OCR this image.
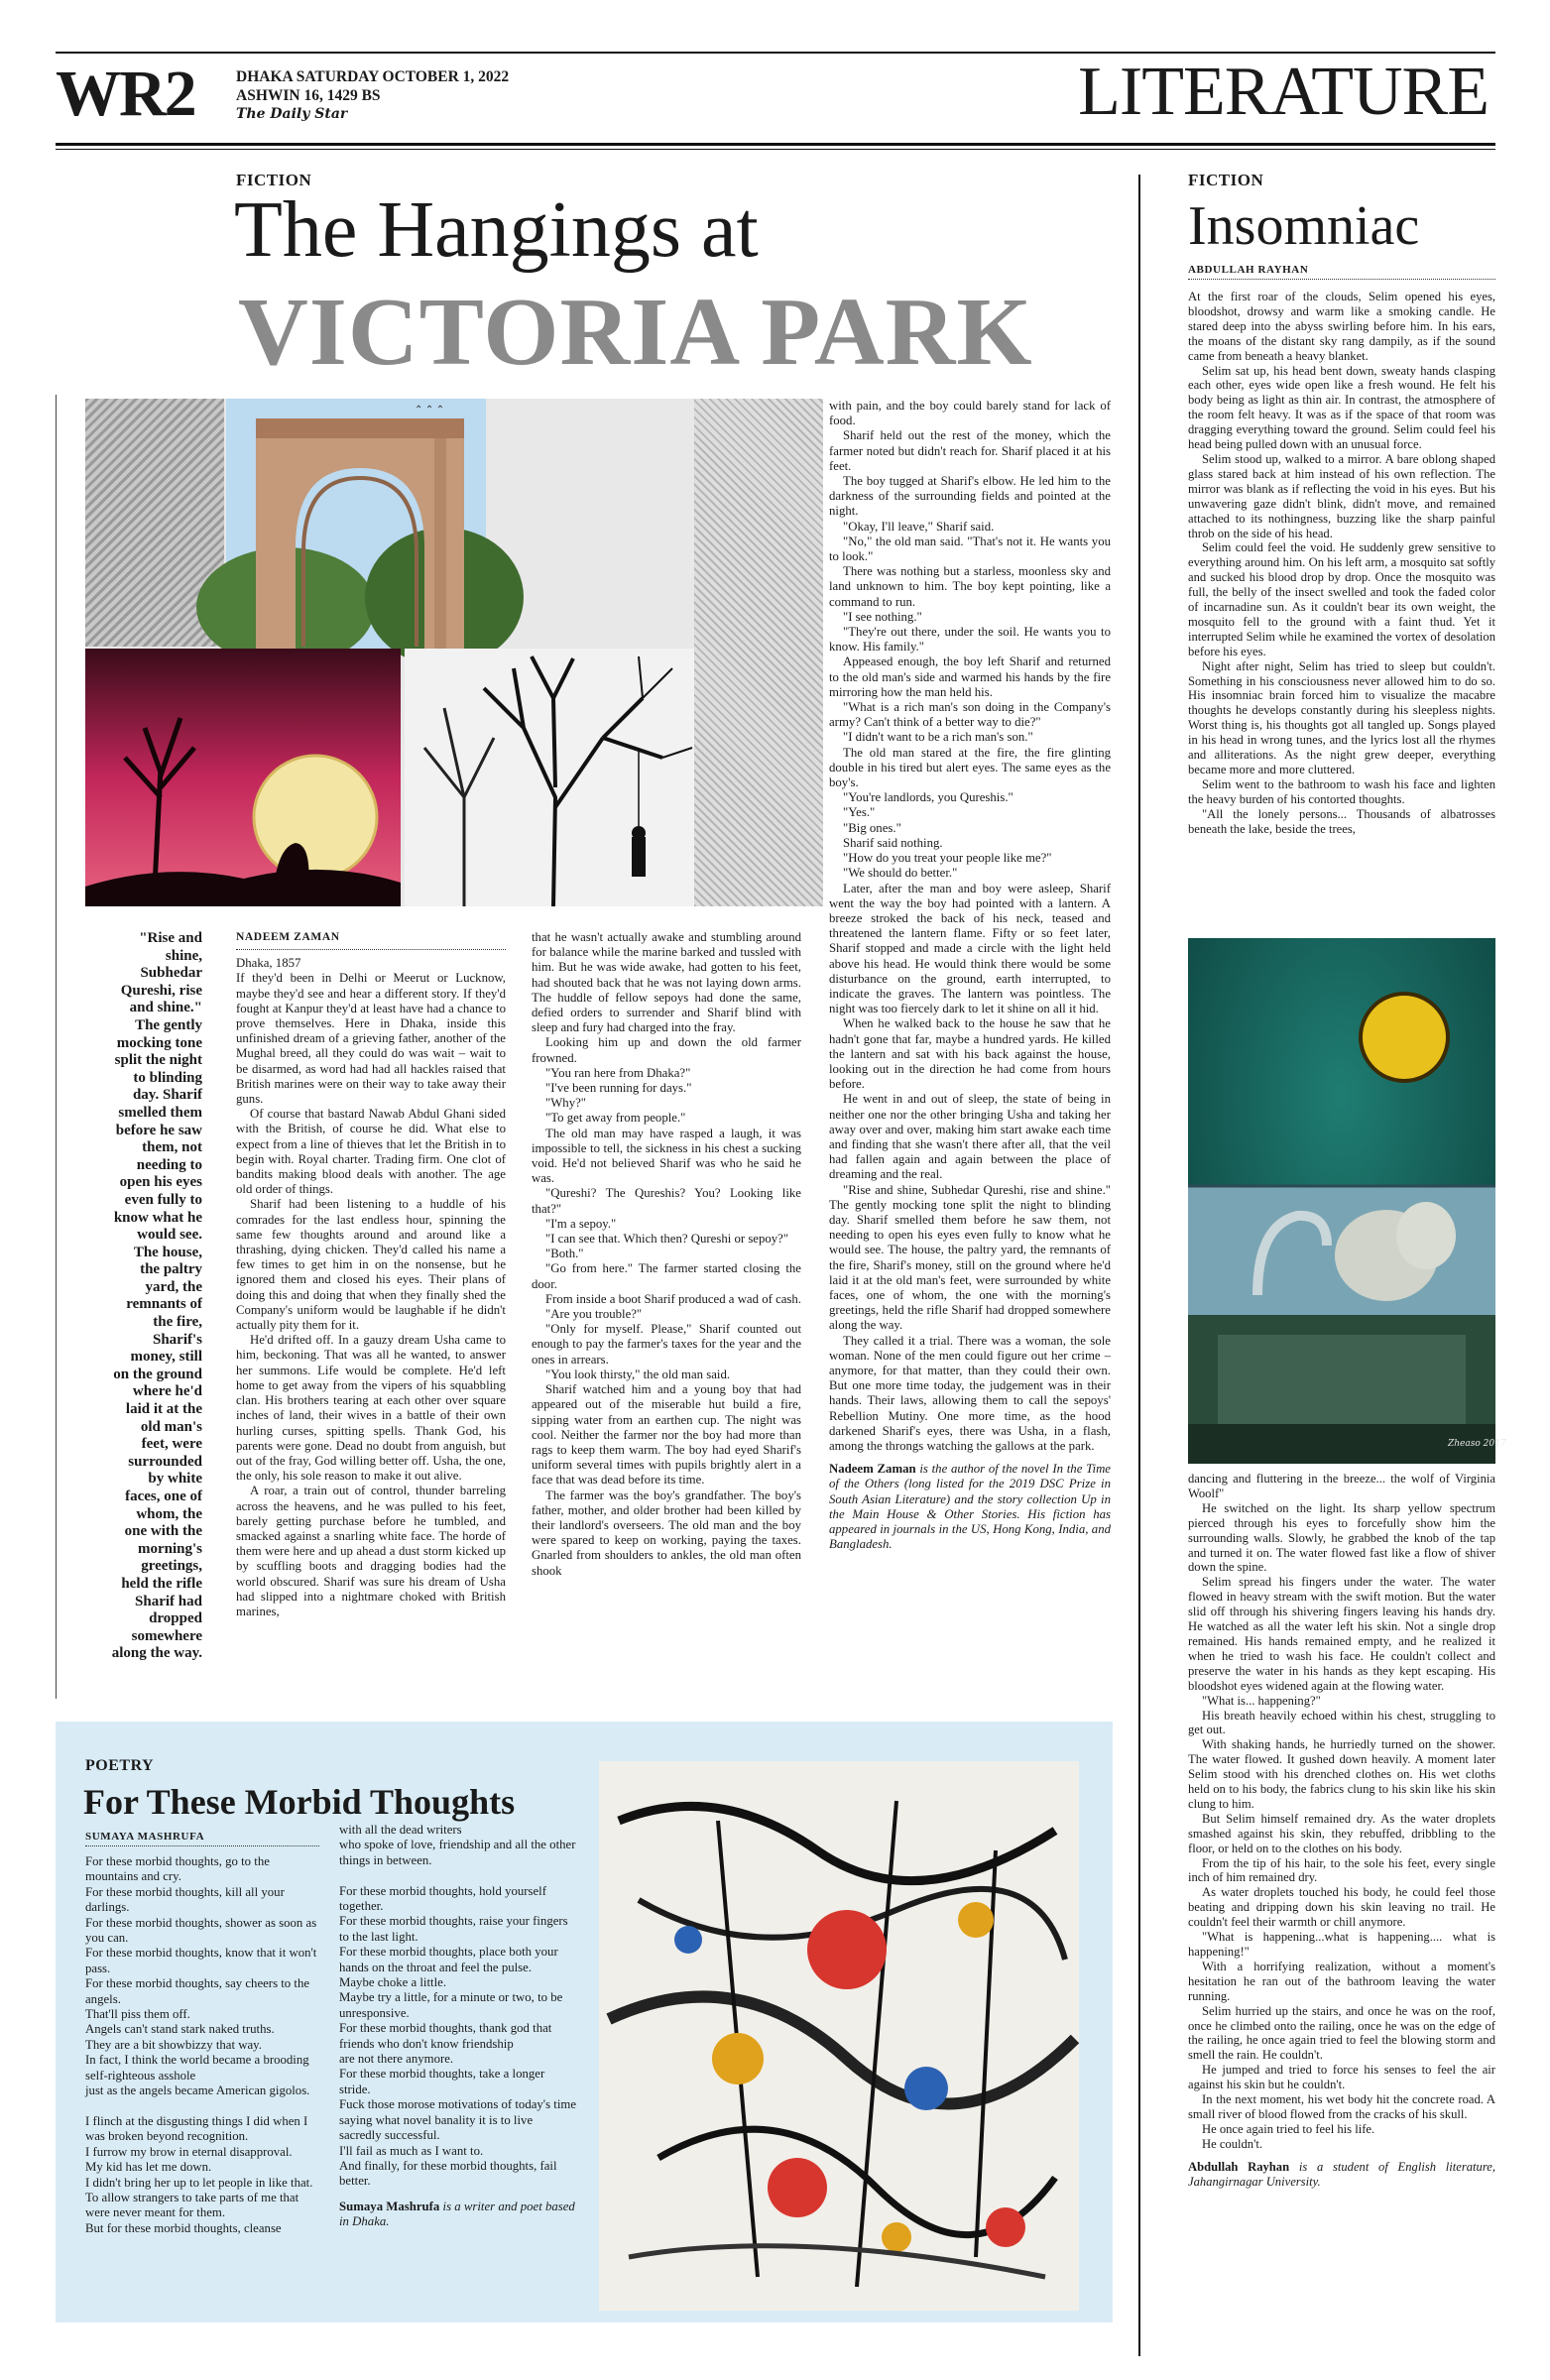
WR2	DHAKA SATURDAY OCTOBER 1, 2022
ASHWIN 16, 1429 BS
The Daily Star	LITERATURE
FICTION
The Hangings at
VICTORIA PARK
⌃ ⌃ ⌃
"Rise and shine, Subhedar Qureshi, rise and shine." The gently mocking tone split the night to blinding day. Sharif smelled them before he saw them, not needing to open his eyes even fully to know what he would see. The house, the paltry yard, the remnants of the fire, Sharif's money, still on the ground where he'd laid it at the old man's feet, were surrounded by white faces, one of whom, the one with the morning's greetings, held the rifle Sharif had dropped somewhere along the way.
NADEEM ZAMAN

Dhaka, 1857

If they'd been in Delhi or Meerut or Lucknow, maybe they'd see and hear a different story. If they'd fought at Kanpur they'd at least have had a chance to prove themselves. Here in Dhaka, inside this unfinished dream of a grieving father, another of the Mughal breed, all they could do was wait – wait to be disarmed, as word had had all hackles raised that British marines were on their way to take away their guns.

Of course that bastard Nawab Abdul Ghani sided with the British, of course he did. What else to expect from a line of thieves that let the British in to begin with. Royal charter. Trading firm. One clot of bandits making blood deals with another. The age old order of things.

Sharif had been listening to a huddle of his comrades for the last endless hour, spinning the same few thoughts around and around like a thrashing, dying chicken. They'd called his name a few times to get him in on the nonsense, but he ignored them and closed his eyes. Their plans of doing this and doing that when they finally shed the Company's uniform would be laughable if he didn't actually pity them for it.

He'd drifted off. In a gauzy dream Usha came to him, beckoning. That was all he wanted, to answer her summons. Life would be complete. He'd left home to get away from the vipers of his squabbling clan. His brothers tearing at each other over square inches of land, their wives in a battle of their own hurling curses, spitting spells. Thank God, his parents were gone. Dead no doubt from anguish, but out of the fray, God willing better off. Usha, the one, the only, his sole reason to make it out alive.

A roar, a train out of control, thunder barreling across the heavens, and he was pulled to his feet, barely getting purchase before he tumbled, and smacked against a snarling white face. The horde of them were here and up ahead a dust storm kicked up by scuffling boots and dragging bodies had the world obscured. Sharif was sure his dream of Usha had slipped into a nightmare choked with British marines,

that he wasn't actually awake and stumbling around for balance while the marine barked and tussled with him. But he was wide awake, had gotten to his feet, had shouted back that he was not laying down arms. The huddle of fellow sepoys had done the same, defied orders to surrender and Sharif blind with sleep and fury had charged into the fray.

Looking him up and down the old farmer frowned.

"You ran here from Dhaka?"

"I've been running for days."

"Why?"

"To get away from people."

The old man may have rasped a laugh, it was impossible to tell, the sickness in his chest a sucking void. He'd not believed Sharif was who he said he was.

"Qureshi? The Qureshis? You? Looking like that?"

"I'm a sepoy."

"I can see that. Which then? Qureshi or sepoy?"

"Both."

"Go from here." The farmer started closing the door.

From inside a boot Sharif produced a wad of cash.

"Are you trouble?"

"Only for myself. Please," Sharif counted out enough to pay the farmer's taxes for the year and the ones in arrears.

"You look thirsty," the old man said.

Sharif watched him and a young boy that had appeared out of the miserable hut build a fire, sipping water from an earthen cup. The night was cool. Neither the farmer nor the boy had more than rags to keep them warm. The boy had eyed Sharif's uniform several times with pupils brightly alert in a face that was dead before its time.

The farmer was the boy's grandfather. The boy's father, mother, and older brother had been killed by their landlord's overseers. The old man and the boy were spared to keep on working, paying the taxes. Gnarled from shoulders to ankles, the old man often shook

with pain, and the boy could barely stand for lack of food.

Sharif held out the rest of the money, which the farmer noted but didn't reach for. Sharif placed it at his feet.

The boy tugged at Sharif's elbow. He led him to the darkness of the surrounding fields and pointed at the night.

"Okay, I'll leave," Sharif said.

"No," the old man said. "That's not it. He wants you to look."

There was nothing but a starless, moonless sky and land unknown to him. The boy kept pointing, like a command to run.

"I see nothing."

"They're out there, under the soil. He wants you to know. His family."

Appeased enough, the boy left Sharif and returned to the old man's side and warmed his hands by the fire mirroring how the man held his.

"What is a rich man's son doing in the Company's army? Can't think of a better way to die?"

"I didn't want to be a rich man's son."

The old man stared at the fire, the fire glinting double in his tired but alert eyes. The same eyes as the boy's.

"You're landlords, you Qureshis."

"Yes."

"Big ones."

Sharif said nothing.

"How do you treat your people like me?"

"We should do better."

Later, after the man and boy were asleep, Sharif went the way the boy had pointed with a lantern. A breeze stroked the back of his neck, teased and threatened the lantern flame. Fifty or so feet later, Sharif stopped and made a circle with the light held above his head. He would think there would be some disturbance on the ground, earth interrupted, to indicate the graves. The lantern was pointless. The night was too fiercely dark to let it shine on all it hid.

When he walked back to the house he saw that he hadn't gone that far, maybe a hundred yards. He killed the lantern and sat with his back against the house, looking out in the direction he had come from hours before.

He went in and out of sleep, the state of being in neither one nor the other bringing Usha and taking her away over and over, making him start awake each time and finding that she wasn't there after all, that the veil had fallen again and again between the place of dreaming and the real.

"Rise and shine, Subhedar Qureshi, rise and shine." The gently mocking tone split the night to blinding day. Sharif smelled them before he saw them, not needing to open his eyes even fully to know what he would see. The house, the paltry yard, the remnants of the fire, Sharif's money, still on the ground where he'd laid it at the old man's feet, were surrounded by white faces, one of whom, the one with the morning's greetings, held the rifle Sharif had dropped somewhere along the way.

They called it a trial. There was a woman, the sole woman. None of the men could figure out her crime – anymore, for that matter, than they could their own. But one more time today, the judgement was in their hands. Their laws, allowing them to call the sepoys' Rebellion Mutiny. One more time, as the hood darkened Sharif's eyes, there was Usha, in a flash, among the throngs watching the gallows at the park.

Nadeem Zaman is the author of the novel In the Time of the Others (long listed for the 2019 DSC Prize in South Asian Literature) and the story collection Up in the Main House & Other Stories. His fiction has appeared in journals in the US, Hong Kong, India, and Bangladesh.

POETRY
For These Morbid Thoughts
SUMAYA MASHRUFA
For these morbid thoughts, go to the mountains and cry.
For these morbid thoughts, kill all your darlings.
For these morbid thoughts, shower as soon as you can.
For these morbid thoughts, know that it won't pass.
For these morbid thoughts, say cheers to the angels.
That'll piss them off.
Angels can't stand stark naked truths.
They are a bit showbizzy that way.
In fact, I think the world became a brooding self-righteous asshole
just as the angels became American gigolos.
I flinch at the disgusting things I did when I was broken beyond recognition.
I furrow my brow in eternal disapproval.
My kid has let me down.
I didn't bring her up to let people in like that.
To allow strangers to take parts of me that were never meant for them.
But for these morbid thoughts, cleanse
with all the dead writers
who spoke of love, friendship and all the other things in between.
For these morbid thoughts, hold yourself together.
For these morbid thoughts, raise your fingers to the last light.
For these morbid thoughts, place both your hands on the throat and feel the pulse.
Maybe choke a little.
Maybe try a little, for a minute or two, to be unresponsive.
For these morbid thoughts, thank god that friends who don't know friendship
are not there anymore.
For these morbid thoughts, take a longer stride.
Fuck those morose motivations of today's time
saying what novel banality it is to live sacredly successful.
I'll fail as much as I want to.
And finally, for these morbid thoughts, fail better.
Sumaya Mashrufa is a writer and poet based in Dhaka.
FICTION
Insomniac
ABDULLAH RAYHAN

At the first roar of the clouds, Selim opened his eyes, bloodshot, drowsy and warm like a smoking candle. He stared deep into the abyss swirling before him. In his ears, the moans of the distant sky rang dampily, as if the sound came from beneath a heavy blanket.

Selim sat up, his head bent down, sweaty hands clasping each other, eyes wide open like a fresh wound. He felt his body being as light as thin air. In contrast, the atmosphere of the room felt heavy. It was as if the space of that room was dragging everything toward the ground. Selim could feel his head being pulled down with an unusual force.

Selim stood up, walked to a mirror. A bare oblong shaped glass stared back at him instead of his own reflection. The mirror was blank as if reflecting the void in his eyes. But his unwavering gaze didn't blink, didn't move, and remained attached to its nothingness, buzzing like the sharp painful throb on the side of his head.

Selim could feel the void. He suddenly grew sensitive to everything around him. On his left arm, a mosquito sat softly and sucked his blood drop by drop. Once the mosquito was full, the belly of the insect swelled and took the faded color of incarnadine sun. As it couldn't bear its own weight, the mosquito fell to the ground with a faint thud. Yet it interrupted Selim while he examined the vortex of desolation before his eyes.

Night after night, Selim has tried to sleep but couldn't. Something in his consciousness never allowed him to do so. His insomniac brain forced him to visualize the macabre thoughts he develops constantly during his sleepless nights. Worst thing is, his thoughts got all tangled up. Songs played in his head in wrong tunes, and the lyrics lost all the rhymes and alliterations. As the night grew deeper, everything became more and more cluttered.

Selim went to the bathroom to wash his face and lighten the heavy burden of his contorted thoughts.

"All the lonely persons... Thousands of albatrosses beneath the lake, beside the trees,

Zheaso 2017

dancing and fluttering in the breeze... the wolf of Virginia Woolf"

He switched on the light. Its sharp yellow spectrum pierced through his eyes to forcefully show him the surrounding walls. Slowly, he grabbed the knob of the tap and turned it on. The water flowed fast like a flow of shiver down the spine.

Selim spread his fingers under the water. The water flowed in heavy stream with the swift motion. But the water slid off through his shivering fingers leaving his hands dry. He watched as all the water left his skin. Not a single drop remained. His hands remained empty, and he realized it when he tried to wash his face. He couldn't collect and preserve the water in his hands as they kept escaping. His bloodshot eyes widened again at the flowing water.

"What is... happening?"

His breath heavily echoed within his chest, struggling to get out.

With shaking hands, he hurriedly turned on the shower. The water flowed. It gushed down heavily. A moment later Selim stood with his drenched clothes on. His wet cloths held on to his body, the fabrics clung to his skin like his skin clung to him.

But Selim himself remained dry. As the water droplets smashed against his skin, they rebuffed, dribbling to the floor, or held on to the clothes on his body.

From the tip of his hair, to the sole his feet, every single inch of him remained dry.

As water droplets touched his body, he could feel those beating and dripping down his skin leaving no trail. He couldn't feel their warmth or chill anymore.

"What is happening...what is happening.... what is happening!"

With a horrifying realization, without a moment's hesitation he ran out of the bathroom leaving the water running.

Selim hurried up the stairs, and once he was on the roof, once he climbed onto the railing, once he was on the edge of the railing, he once again tried to feel the blowing storm and smell the rain. He couldn't.

He jumped and tried to force his senses to feel the air against his skin but he couldn't.

In the next moment, his wet body hit the concrete road. A small river of blood flowed from the cracks of his skull.

He once again tried to feel his life.

He couldn't.

Abdullah Rayhan is a student of English literature, Jahangirnagar University.
